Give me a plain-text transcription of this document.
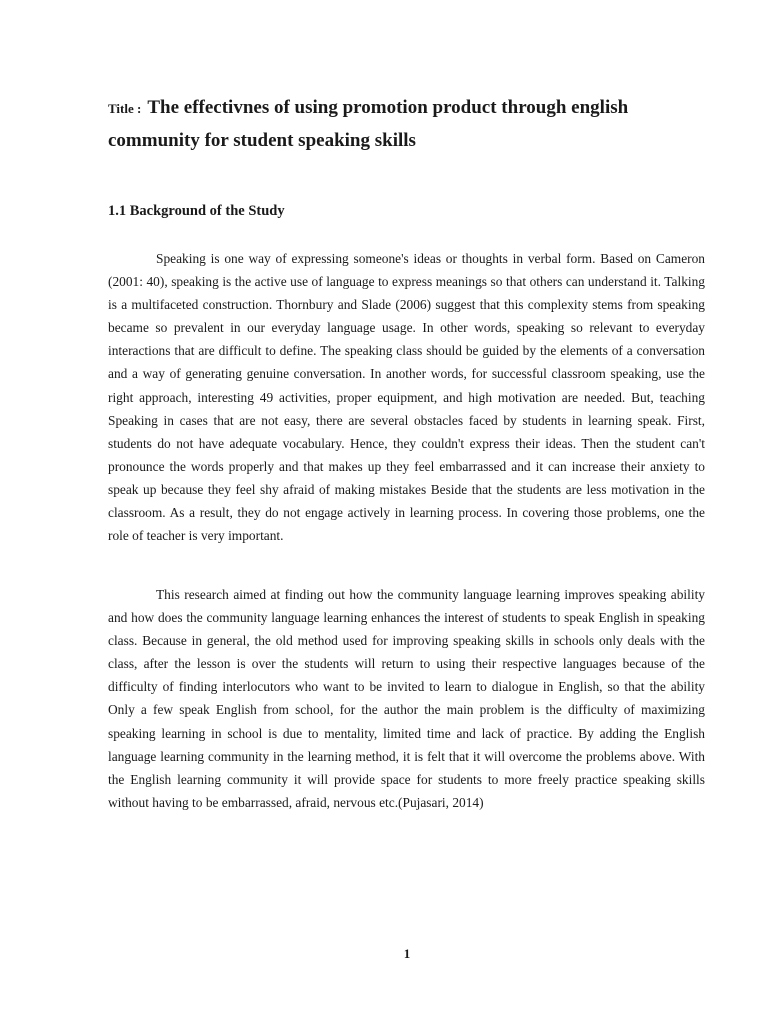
Title : The effectivnes of using promotion product through english

community for student speaking skills

1.1 Background of the Study

Speaking is one way of expressing someone's ideas or thoughts in verbal form. Based on Cameron (2001: 40), speaking is the active use of language to express meanings so that others can understand it. Talking is a multifaceted construction. Thornbury and Slade (2006) suggest that this complexity stems from speaking became so prevalent in our everyday language usage. In other words, speaking so relevant to everyday interactions that are difficult to define. The speaking class should be guided by the elements of a conversation and a way of generating genuine conversation. In another words, for successful classroom speaking, use the right approach, interesting 49 activities, proper equipment, and high motivation are needed. But, teaching Speaking in cases that are not easy, there are several obstacles faced by students in learning speak. First, students do not have adequate vocabulary. Hence, they couldn't express their ideas. Then the student can't pronounce the words properly and that makes up they feel embarrassed and it can increase their anxiety to speak up because they feel shy afraid of making mistakes Beside that the students are less motivation in the classroom. As a result, they do not engage actively in learning process. In covering those problems, one the role of teacher is very important.

This research aimed at finding out how the community language learning improves speaking ability and how does the community language learning enhances the interest of students to speak English in speaking class. Because in general, the old method used for improving speaking skills in schools only deals with the class, after the lesson is over the students will return to using their respective languages because of the difficulty of finding interlocutors who want to be invited to learn to dialogue in English, so that the ability Only a few speak English from school, for the author the main problem is the difficulty of maximizing speaking learning in school is due to mentality, limited time and lack of practice. By adding the English language learning community in the learning method, it is felt that it will overcome the problems above. With the English learning community it will provide space for students to more freely practice speaking skills without having to be embarrassed, afraid, nervous etc.(Pujasari, 2014)

1
